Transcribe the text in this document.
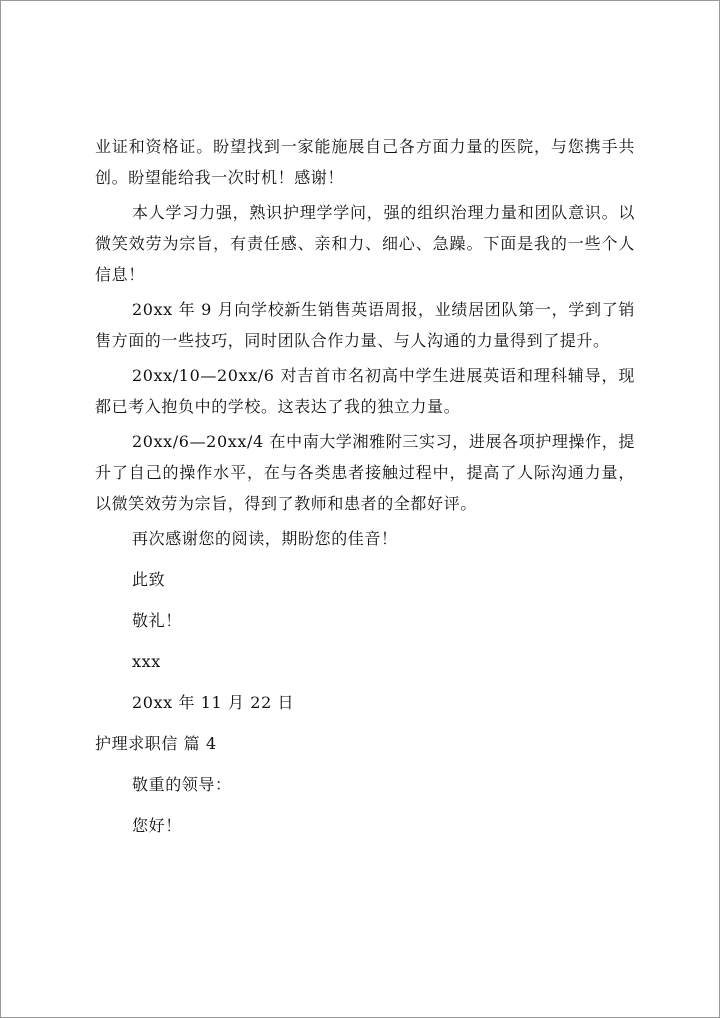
业证和资格证。盼望找到一家能施展自己各方面力量的医院，与您携手共创。盼望能给我一次时机！感谢！

本人学习力强，熟识护理学学问，强的组织治理力量和团队意识。以微笑效劳为宗旨，有责任感、亲和力、细心、急躁。下面是我的一些个人信息！

20xx 年 9 月向学校新生销售英语周报，业绩居团队第一，学到了销售方面的一些技巧，同时团队合作力量、与人沟通的力量得到了提升。

20xx/10—20xx/6 对吉首市名初高中学生进展英语和理科辅导，现都已考入抱负中的学校。这表达了我的独立力量。

20xx/6—20xx/4 在中南大学湘雅附三实习，进展各项护理操作，提升了自己的操作水平，在与各类患者接触过程中，提高了人际沟通力量，以微笑效劳为宗旨，得到了教师和患者的全都好评。

再次感谢您的阅读，期盼您的佳音！

此致

敬礼！

xxx

20xx 年 11 月 22 日

护理求职信 篇 4

敬重的领导：

您好！
